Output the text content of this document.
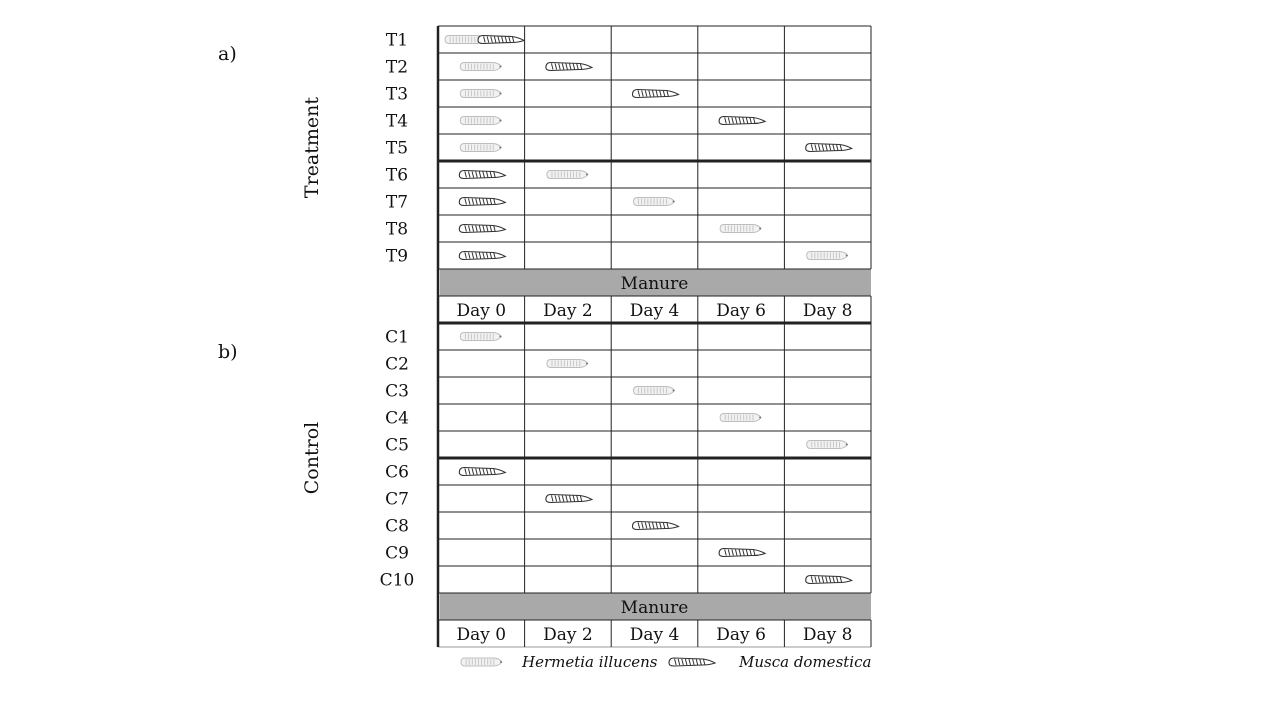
Manure
T1
T2
T3
T4
T5
T6
T7
T8
T9
Day 0 Day 2 Day 4 Day 6 Day 8
a)
Treatment
Manure
C1
C2
C3
C4
C5
C6
C7
C8
C9
C10
Day 0 Day 2 Day 4 Day 6 Day 8
b)
Control
Hermetia illucens	Musca domestica
